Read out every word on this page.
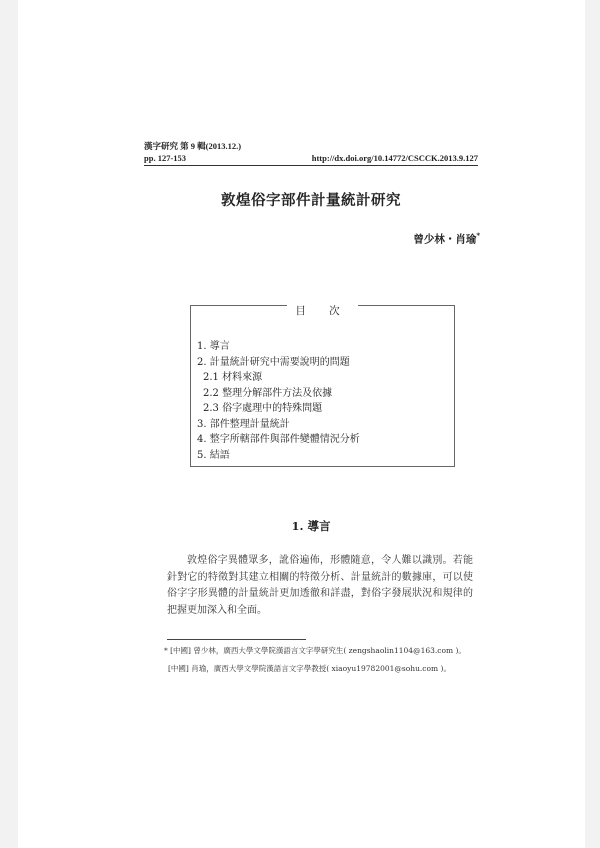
漢字研究 第 9 輯(2013.12.)
pp. 127-153	http://dx.doi.org/10.14772/CSCCK.2013.9.127
敦煌俗字部件計量統計研究
曾少林・肖瑜*
目 次
1. 導言
2. 計量統計研究中需要說明的問題
2.1 材料來源
2.2 整理分解部件方法及依據
2.3 俗字處理中的特殊問題
3. 部件整理計量統計
4. 整字所轄部件與部件變體情況分析
5. 結語
1. 導言

敦煌俗字異體眾多，訛俗遍佈，形體隨意，令人難以識別。若能針對它的特徵對其建立相關的特徵分析、計量統計的數據庫，可以使俗字字形異體的計量統計更加透徹和詳盡，對俗字發展狀況和規律的把握更加深入和全面。

* [中國] 曾少林，廣西大學文學院漢語言文字學研究生( zengshaolin1104@163.com )。
[中國] 肖瑜，廣西大學文學院漢語言文字學教授( xiaoyu19782001@sohu.com )。
